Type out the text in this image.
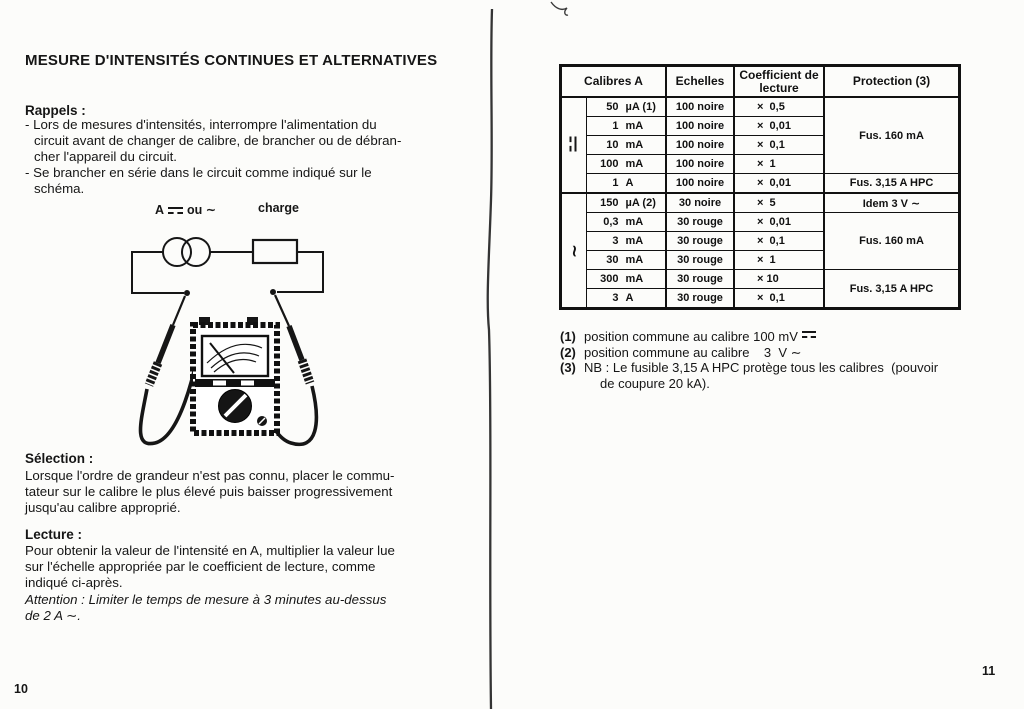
MESURE D'INTENSITÉS CONTINUES ET ALTERNATIVES
Rappels :
- Lors de mesures d'intensités, interrompre l'alimentation du
circuit avant de changer de calibre, de brancher ou de débran-
cher l'appareil du circuit.
- Se brancher en série dans le circuit comme indiqué sur le
schéma.
A ou ∼	charge
Sélection :
Lorsque l'ordre de grandeur n'est pas connu, placer le commu-
tateur sur le calibre le plus élevé puis baisser progressivement
jusqu'au calibre approprié.
Lecture :
Pour obtenir la valeur de l'intensité en A, multiplier la valeur lue
sur l'échelle appropriée par le coefficient de lecture, comme
indiqué ci-après.
Attention : Limiter le temps de mesure à 3 minutes au-dessus
de 2 A ∼.
10
Calibres A		Echelles	Coefficient de
lecture	Protection (3)
	50 µA (1)	100 noire	×  0,5	Fus. 160 mA
	1 mA	100 noire	×  0,01	
	10 mA	100 noire	×  0,1	
	100 mA	100 noire	×  1	
	1 A	100 noire	×  0,01	Fus. 3,15 A HPC
∼	150 µA (2)	30 noire	×  5	Idem 3 V ∼
	0,3 mA	30 rouge	×  0,01	Fus. 160 mA
	3 mA	30 rouge	×  0,1	
	30 mA	30 rouge	×  1	
	300 mA	30 rouge	× 10	Fus. 3,15 A HPC
	3 A	30 rouge	×  0,1	
(1) position commune au calibre 100 mV
(2) position commune au calibre    3  V ∼
(3) NB : Le fusible 3,15 A HPC protège tous les calibres  (pouvoir
de coupure 20 kA).
11
